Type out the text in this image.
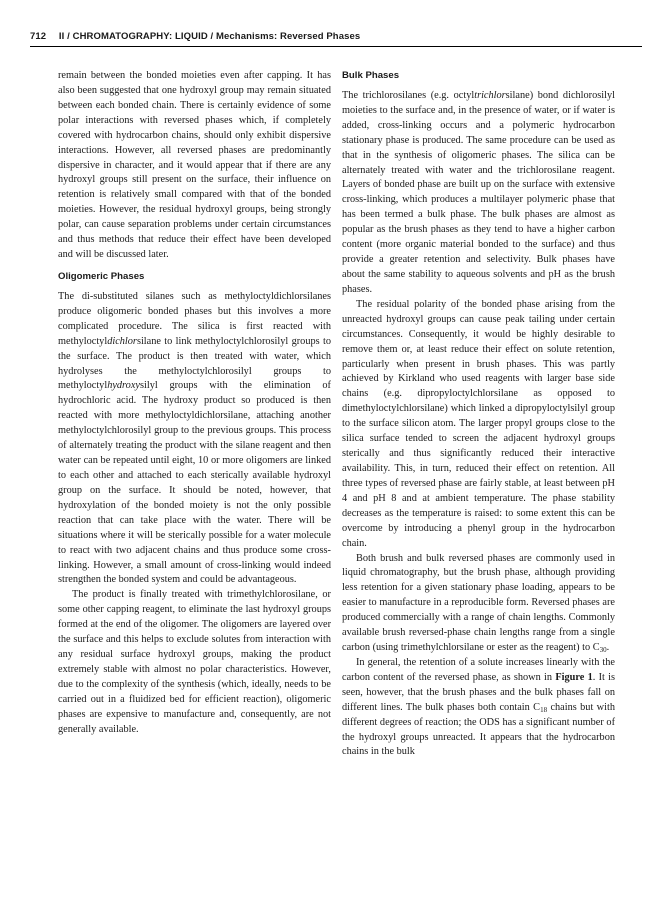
712 II / CHROMATOGRAPHY: LIQUID / Mechanisms: Reversed Phases

remain between the bonded moieties even after capping. It has also been suggested that one hydroxyl group may remain situated between each bonded chain. There is certainly evidence of some polar interactions with reversed phases which, if completely covered with hydrocarbon chains, should only exhibit dispersive interactions. However, all reversed phases are predominantly dispersive in character, and it would appear that if there are any hydroxyl groups still present on the surface, their influence on retention is relatively small compared with that of the bonded moieties. However, the residual hydroxyl groups, being strongly polar, can cause separation problems under certain circumstances and thus methods that reduce their effect have been developed and will be discussed later.

Oligomeric Phases

The di-substituted silanes such as methyloctyldichlorsilanes produce oligomeric bonded phases but this involves a more complicated procedure. The silica is first reacted with methyloctyldichlorsilane to link methyloctylchlorosilyl groups to the surface. The product is then treated with water, which hydrolyses the methyloctylchlorosilyl groups to methyloctylhydroxysilyl groups with the elimination of hydrochloric acid. The hydroxy product so produced is then reacted with more methyloctyldichlorsilane, attaching another methyloctylchlorosilyl group to the previous groups. This process of alternately treating the product with the silane reagent and then water can be repeated until eight, 10 or more oligomers are linked to each other and attached to each sterically available hydroxyl group on the surface. It should be noted, however, that hydroxylation of the bonded moiety is not the only possible reaction that can take place with the water. There will be situations where it will be sterically possible for a water molecule to react with two adjacent chains and thus produce some cross-linking. However, a small amount of cross-linking would indeed strengthen the bonded system and could be advantageous.

The product is finally treated with trimethylchlorosilane, or some other capping reagent, to eliminate the last hydroxyl groups formed at the end of the oligomer. The oligomers are layered over the surface and this helps to exclude solutes from interaction with any residual surface hydroxyl groups, making the product extremely stable with almost no polar characteristics. However, due to the complexity of the synthesis (which, ideally, needs to be carried out in a fluidized bed for efficient reaction), oligomeric phases are expensive to manufacture and, consequently, are not generally available.

Bulk Phases

The trichlorosilanes (e.g. octyltrichlorsilane) bond dichlorosilyl moieties to the surface and, in the presence of water, or if water is added, cross-linking occurs and a polymeric hydrocarbon stationary phase is produced. The same procedure can be used as that in the synthesis of oligomeric phases. The silica can be alternately treated with water and the trichlorosilane reagent. Layers of bonded phase are built up on the surface with extensive cross-linking, which produces a multilayer polymeric phase that has been termed a bulk phase. The bulk phases are almost as popular as the brush phases as they tend to have a higher carbon content (more organic material bonded to the surface) and thus provide a greater retention and selectivity. Bulk phases have about the same stability to aqueous solvents and pH as the brush phases.

The residual polarity of the bonded phase arising from the unreacted hydroxyl groups can cause peak tailing under certain circumstances. Consequently, it would be highly desirable to remove them or, at least reduce their effect on solute retention, particularly when present in brush phases. This was partly achieved by Kirkland who used reagents with larger base side chains (e.g. dipropyloctylchlorsilane as opposed to dimethyloctylchlorsilane) which linked a dipropyloctylsilyl group to the surface silicon atom. The larger propyl groups close to the silica surface tended to screen the adjacent hydroxyl groups sterically and thus significantly reduced their interactive availability. This, in turn, reduced their effect on retention. All three types of reversed phase are fairly stable, at least between pH 4 and pH 8 and at ambient temperature. The phase stability decreases as the temperature is raised: to some extent this can be overcome by introducing a phenyl group in the hydrocarbon chain.

Both brush and bulk reversed phases are commonly used in liquid chromatography, but the brush phase, although providing less retention for a given stationary phase loading, appears to be easier to manufacture in a reproducible form. Reversed phases are produced commercially with a range of chain lengths. Commonly available brush reversed-phase chain lengths range from a single carbon (using trimethylchlorsilane or ester as the reagent) to $C_{30}$.

In general, the retention of a solute increases linearly with the carbon content of the reversed phase, as shown in Figure 1. It is seen, however, that the brush phases and the bulk phases fall on different lines. The bulk phases both contain $C_{18}$ chains but with different degrees of reaction; the ODS has a significant number of the hydroxyl groups unreacted. It appears that the hydrocarbon chains in the bulk
